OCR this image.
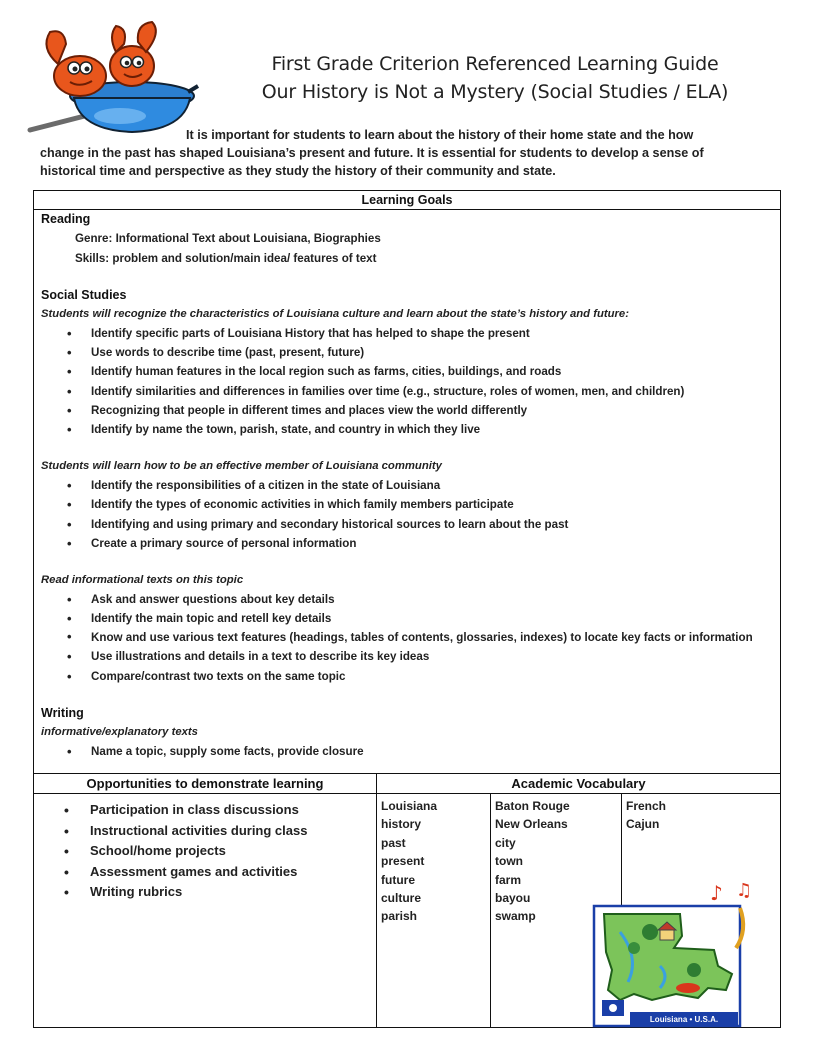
First Grade Criterion Referenced Learning Guide
Our History is Not a Mystery (Social Studies / ELA)
It is important for students to learn about the history of their home state and the how
change in the past has shaped Louisiana’s present and future. It is essential for students to develop a sense of
historical time and perspective as they study the history of their community and state.
Learning Goals
Reading
Genre: Informational Text about Louisiana, Biographies
Skills: problem and solution/main idea/ features of text
Social Studies
Students will recognize the characteristics of Louisiana culture and learn about the state’s history and future:
• Identify specific parts of Louisiana History that has helped to shape the present
• Use words to describe time (past, present, future)
• Identify human features in the local region such as farms, cities, buildings, and roads
• Identify similarities and differences in families over time (e.g., structure, roles of women, men, and children)
• Recognizing that people in different times and places view the world differently
• Identify by name the town, parish, state, and country in which they live
Students will learn how to be an effective member of Louisiana community
• Identify the responsibilities of a citizen in the state of Louisiana
• Identify the types of economic activities in which family members participate
• Identifying and using primary and secondary historical sources to learn about the past
• Create a primary source of personal information
Read informational texts on this topic
• Ask and answer questions about key details
• Identify the main topic and retell key details
• Know and use various text features (headings, tables of contents, glossaries, indexes) to locate key facts or information
• Use illustrations and details in a text to describe its key ideas
• Compare/contrast two texts on the same topic
Writing
informative/explanatory texts
• Name a topic, supply some facts, provide closure
Opportunities to demonstrate learning
• Participation in class discussions
• Instructional activities during class
• School/home projects
• Assessment games and activities
• Writing rubrics
Academic Vocabulary
Louisiana
history
past
present
future
culture
parish
Baton Rouge
New Orleans
city
town
farm
bayou
swamp
French
Cajun
♪ ♫
Louisiana • U.S.A.
